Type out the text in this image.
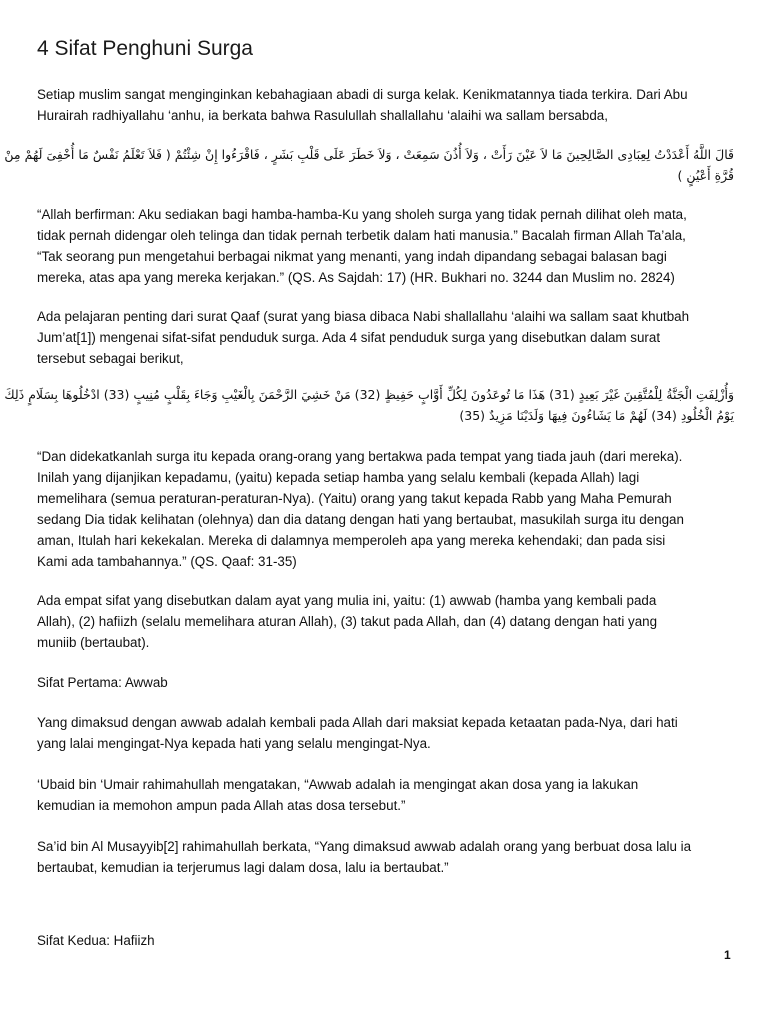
4 Sifat Penghuni Surga
Setiap muslim sangat menginginkan kebahagiaan abadi di surga kelak. Kenikmatannya tiada terkira. Dari Abu
Hurairah radhiyallahu ‘anhu, ia berkata bahwa Rasulullah shallallahu ‘alaihi wa sallam bersabda,
قَالَ اللَّهُ أَعْدَدْتُ لِعِبَادِى الصَّالِحِينَ مَا لاَ عَيْنَ رَأَتْ ، وَلاَ أُذُنَ سَمِعَتْ ، وَلاَ خَطَرَ عَلَى قَلْبِ بَشَرٍ ، فَاقْرَءُوا إِنْ شِئْتُمْ ( فَلاَ تَعْلَمُ نَفْسٌ مَا أُخْفِىَ لَهُمْ مِنْ
قُرَّةِ أَعْيُنٍ )
“Allah berfirman: Aku sediakan bagi hamba-hamba-Ku yang sholeh surga yang tidak pernah dilihat oleh mata,
tidak pernah didengar oleh telinga dan tidak pernah terbetik dalam hati manusia.” Bacalah firman Allah Ta’ala,
“Tak seorang pun mengetahui berbagai nikmat yang menanti, yang indah dipandang sebagai balasan bagi
mereka, atas apa yang mereka kerjakan.” (QS. As Sajdah: 17) (HR. Bukhari no. 3244 dan Muslim no. 2824)
Ada pelajaran penting dari surat Qaaf (surat yang biasa dibaca Nabi shallallahu ‘alaihi wa sallam saat khutbah
Jum’at[1]) mengenai sifat-sifat penduduk surga. Ada 4 sifat penduduk surga yang disebutkan dalam surat
tersebut sebagai berikut,
وَأُزْلِفَتِ الْجَنَّةُ لِلْمُتَّقِينَ غَيْرَ بَعِيدٍ (31) هَذَا مَا تُوعَدُونَ لِكُلِّ أَوَّابٍ حَفِيظٍ (32) مَنْ خَشِيَ الرَّحْمَنَ بِالْغَيْبِ وَجَاءَ بِقَلْبٍ مُنِيبٍ (33) ادْخُلُوهَا بِسَلَامٍ ذَلِكَ
يَوْمُ الْخُلُودِ (34) لَهُمْ مَا يَشَاءُونَ فِيهَا وَلَدَيْنَا مَزِيدٌ (35)
“Dan didekatkanlah surga itu kepada orang-orang yang bertakwa pada tempat yang tiada jauh (dari mereka).
Inilah yang dijanjikan kepadamu, (yaitu) kepada setiap hamba yang selalu kembali (kepada Allah) lagi
memelihara (semua peraturan-peraturan-Nya). (Yaitu) orang yang takut kepada Rabb yang Maha Pemurah
sedang Dia tidak kelihatan (olehnya) dan dia datang dengan hati yang bertaubat, masukilah surga itu dengan
aman, Itulah hari kekekalan. Mereka di dalamnya memperoleh apa yang mereka kehendaki; dan pada sisi
Kami ada tambahannya.” (QS. Qaaf: 31-35)
Ada empat sifat yang disebutkan dalam ayat yang mulia ini, yaitu: (1) awwab (hamba yang kembali pada
Allah), (2) hafiizh (selalu memelihara aturan Allah), (3) takut pada Allah, dan (4) datang dengan hati yang
muniib (bertaubat).
Sifat Pertama: Awwab
Yang dimaksud dengan awwab adalah kembali pada Allah dari maksiat kepada ketaatan pada-Nya, dari hati
yang lalai mengingat-Nya kepada hati yang selalu mengingat-Nya.
‘Ubaid bin ‘Umair rahimahullah mengatakan, “Awwab adalah ia mengingat akan dosa yang ia lakukan
kemudian ia memohon ampun pada Allah atas dosa tersebut.”
Sa’id bin Al Musayyib[2] rahimahullah berkata, “Yang dimaksud awwab adalah orang yang berbuat dosa lalu ia
bertaubat, kemudian ia terjerumus lagi dalam dosa, lalu ia bertaubat.”
Sifat Kedua: Hafiizh
1
